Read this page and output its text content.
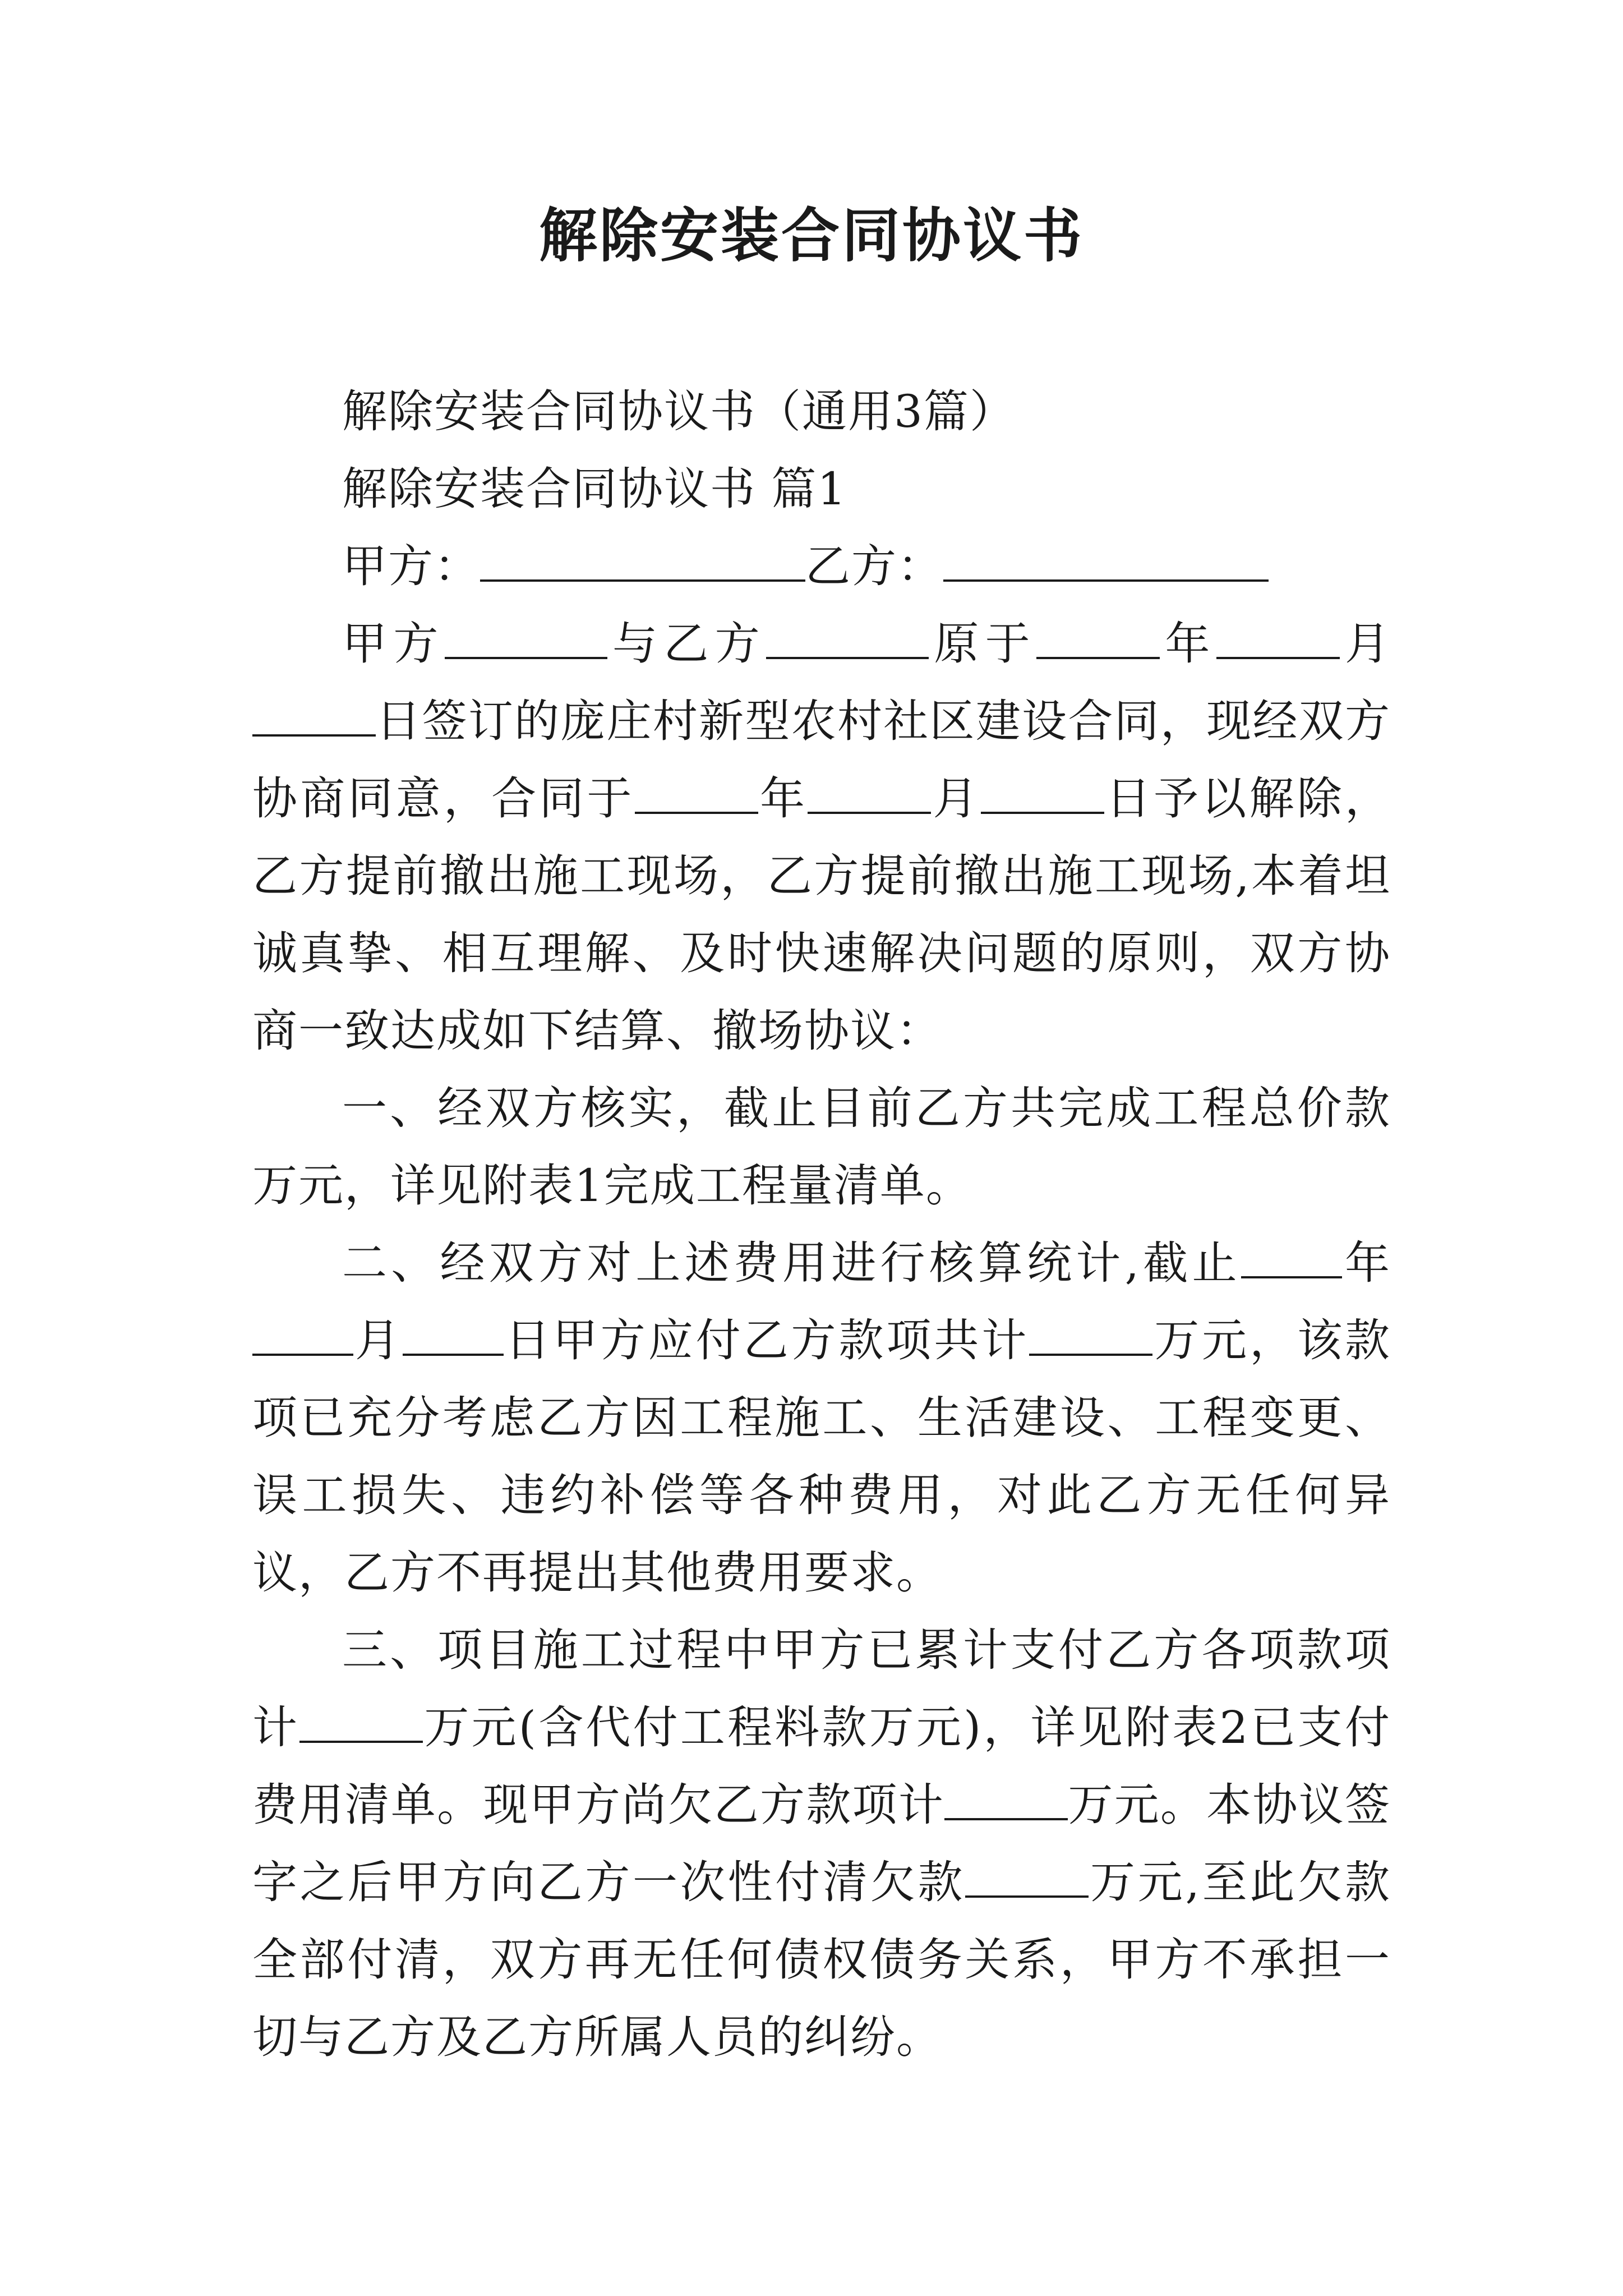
解除安装合同协议书

解除安装合同协议书（通用3篇）

解除安装合同协议书 篇1

甲方：	乙方：

甲方	与乙方	原于	年	月日签订的庞庄村新型农村社区建设合同，现经双方协商同意，合同于	年	月	日予以解除，乙方提前撤出施工现场，乙方提前撤出施工现场,本着坦诚真挚、相互理解、及时快速解决问题的原则，双方协商一致达成如下结算、撤场协议：

一、经双方核实，截止目前乙方共完成工程总价款万元，详见附表1完成工程量清单。

二、经双方对上述费用进行核算统计,截止 年月 日甲方应付乙方款项共计	万元，该款项已充分考虑乙方因工程施工、生活建设、工程变更、误工损失、违约补偿等各种费用，对此乙方无任何异议，乙方不再提出其他费用要求。

三、项目施工过程中甲方已累计支付乙方各项款项计	万元(含代付工程料款万元)，详见附表2已支付费用清单。现甲方尚欠乙方款项计	万元。本协议签字之后甲方向乙方一次性付清欠款	万元,至此欠款全部付清，双方再无任何债权债务关系，甲方不承担一切与乙方及乙方所属人员的纠纷。
